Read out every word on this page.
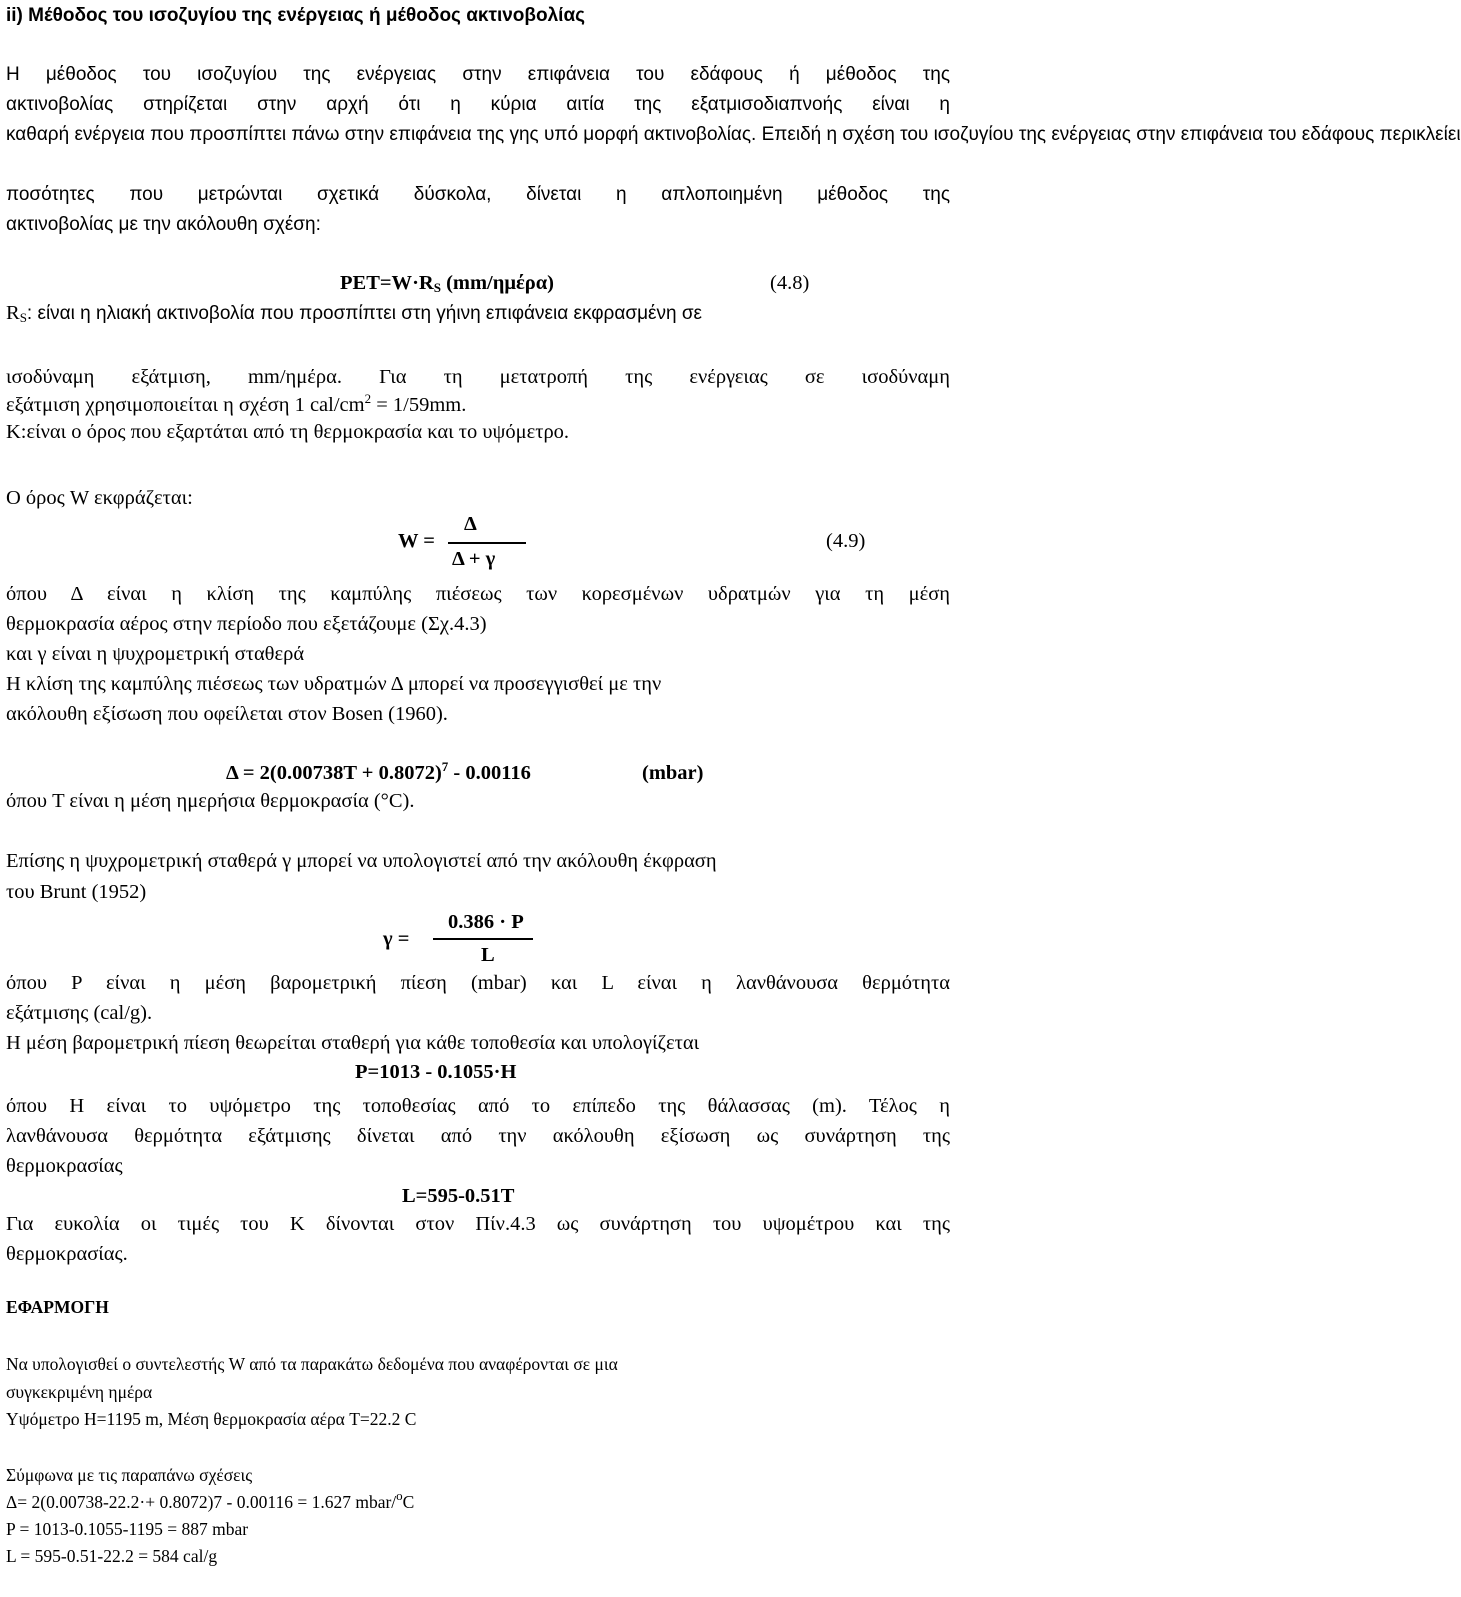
ii) Μέθοδος του ισοζυγίου της ενέργειας ή μέθοδος ακτινοβολίας
Η μέθοδος του ισοζυγίου της ενέργειας στην επιφάνεια του εδάφους ή μέθοδος της
ακτινοβολίας στηρίζεται στην αρχή ότι η κύρια αιτία της εξατμισοδιαπνοής είναι η
καθαρή ενέργεια που προσπίπτει πάνω στην επιφάνεια της γης υπό μορφή ακτινοβολίας. Επειδή η σχέση του ισοζυγίου της ενέργειας στην επιφάνεια του εδάφους περικλείει
ποσότητες που μετρώνται σχετικά δύσκολα, δίνεται η απλοποιημένη μέθοδος της
ακτινοβολίας με την ακόλουθη σχέση:
$PET=W\cdot R_S$ (mm/ημέρα)	(4.8)
$R_S$: είναι η ηλιακή ακτινοβολία που προσπίπτει στη γήινη επιφάνεια εκφρασμένη σε
ισοδύναμη εξάτμιση, mm/ημέρα. Για τη μετατροπή της ενέργειας σε ισοδύναμη
εξάτμιση χρησιμοποιείται η σχέση 1 cal/$cm^2 = 1/59mm$.
K:είναι ο όρος που εξαρτάται από τη θερμοκρασία και το υψόμετρο.
Ο όρος W εκφράζεται:
W =
Δ
Δ + γ
(4.9)
όπου Δ είναι η κλίση της καμπύλης πιέσεως των κορεσμένων υδρατμών για τη μέση
θερμοκρασία αέρος στην περίοδο που εξετάζουμε (Σχ.4.3)
και γ είναι η ψυχρομετρική σταθερά
Η κλίση της καμπύλης πιέσεως των υδρατμών Δ μπορεί να προσεγγισθεί με την
ακόλουθη εξίσωση που οφείλεται στον Bosen (1960).
$\Delta = 2(0.00738T + 0.8072)^7 - 0.00116$	(mbar)
όπου T είναι η μέση ημερήσια θερμοκρασία (°C).
Επίσης η ψυχρομετρική σταθερά γ μπορεί να υπολογιστεί από την ακόλουθη έκφραση
του Brunt (1952)
γ =
0.386 · P
L
όπου P είναι η μέση βαρομετρική πίεση (mbar) και L είναι η λανθάνουσα θερμότητα
εξάτμισης (cal/g).
Η μέση βαρομετρική πίεση θεωρείται σταθερή για κάθε τοποθεσία και υπολογίζεται
P=1013 - 0.1055·H
όπου H είναι το υψόμετρο της τοποθεσίας από το επίπεδο της θάλασσας (m). Τέλος η
λανθάνουσα θερμότητα εξάτμισης δίνεται από την ακόλουθη εξίσωση ως συνάρτηση της
θερμοκρασίας
L=595-0.51T
Για ευκολία οι τιμές του K δίνονται στον Πίν.4.3 ως συνάρτηση του υψομέτρου και της
θερμοκρασίας.
ΕΦΑΡΜΟΓΗ
Να υπολογισθεί ο συντελεστής W από τα παρακάτω δεδομένα που αναφέρονται σε μια
συγκεκριμένη ημέρα
Υψόμετρο H=1195 m, Μέση θερμοκρασία αέρα T=22.2 C
Σύμφωνα με τις παραπάνω σχέσεις
Δ= 2(0.00738-22.2·+ 0.8072)7 - 0.00116 = 1.627 mbar/$^o$C
P = 1013-0.1055-1195 = 887 mbar
L = 595-0.51-22.2 = 584 cal/g
